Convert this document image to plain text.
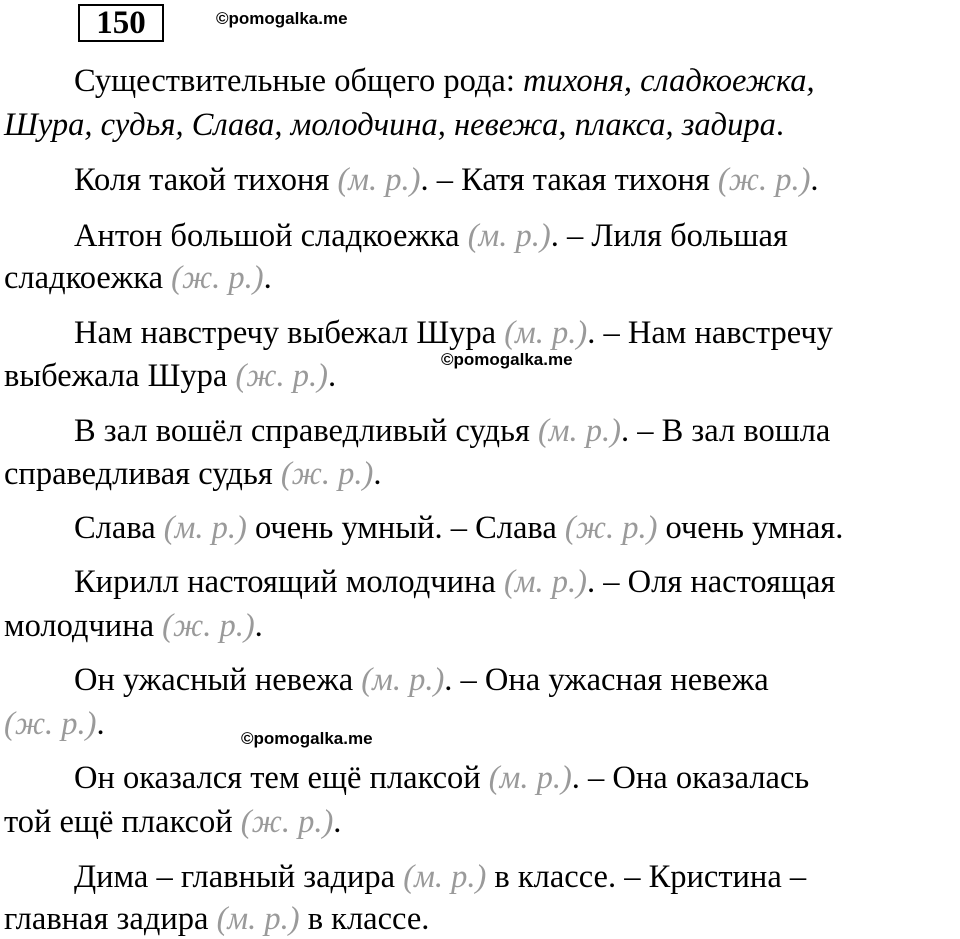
150	©pomogalka.me
©pomogalka.me
©pomogalka.me
Существительные общего рода: тихоня, сладкоежка,
Шура, судья, Слава, молодчина, невежа, плакса, задира.
Коля такой тихоня (м. р.). – Катя такая тихоня (ж. р.).
Антон большой сладкоежка (м. р.). – Лиля большая
сладкоежка (ж. р.).
Нам навстречу выбежал Шура (м. р.). – Нам навстречу
выбежала Шура (ж. р.).
В зал вошёл справедливый судья (м. р.). – В зал вошла
справедливая судья (ж. р.).
Слава (м. р.) очень умный. – Слава (ж. р.) очень умная.
Кирилл настоящий молодчина (м. р.). – Оля настоящая
молодчина (ж. р.).
Он ужасный невежа (м. р.). – Она ужасная невежа
(ж. р.).
Он оказался тем ещё плаксой (м. р.). – Она оказалась
той ещё плаксой (ж. р.).
Дима – главный задира (м. р.) в классе. – Кристина –
главная задира (м. р.) в классе.
